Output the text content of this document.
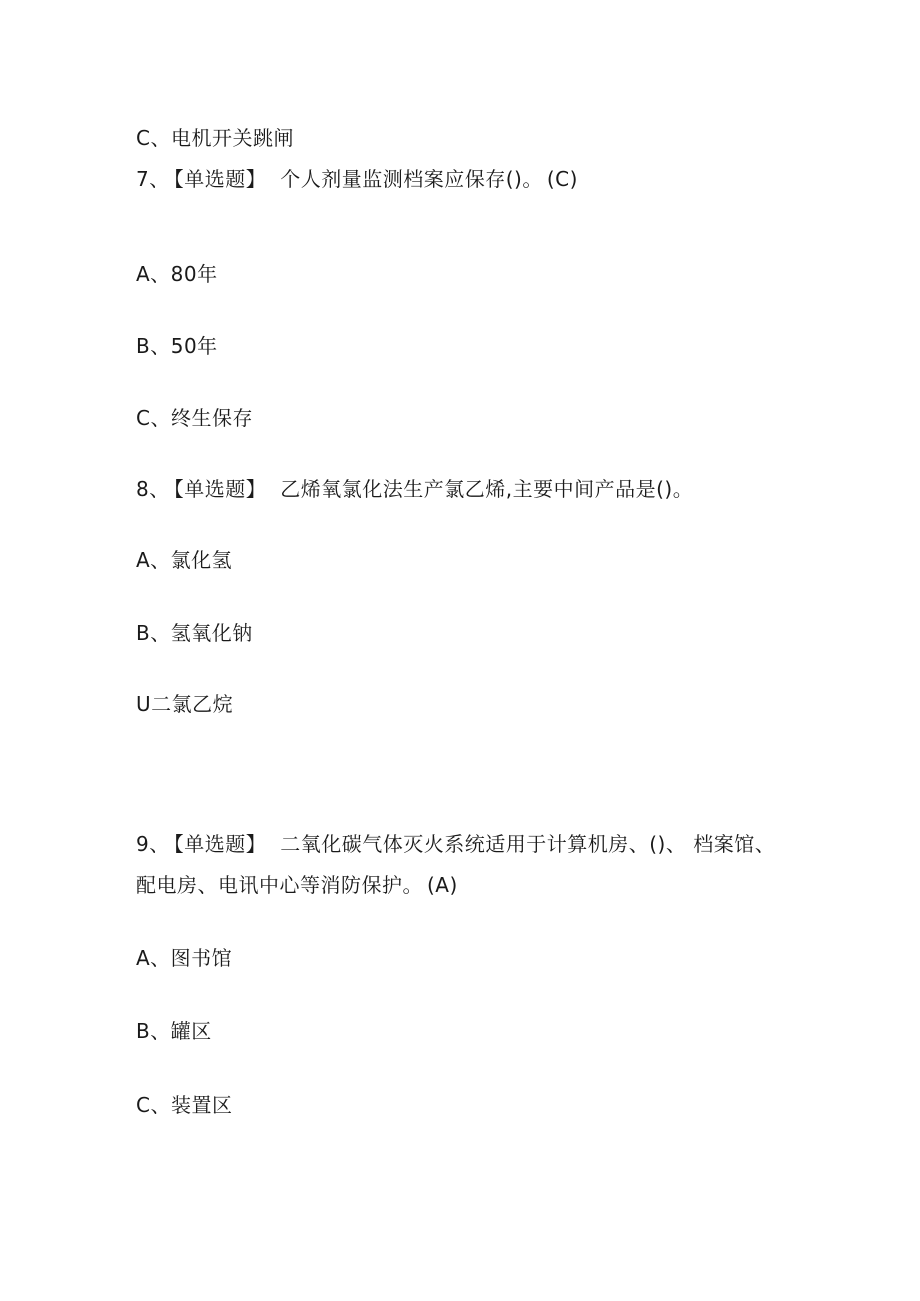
C、电机开关跳闸

7、 【单选题】 个人剂量监测档案应保存()。 (C)

A、80年

B、50年

C、终生保存

8、 【单选题】 乙烯氧氯化法生产氯乙烯,主要中间产品是()。

A、氯化氢

B、氢氧化钠

U二氯乙烷

9、 【单选题】 二氧化碳气体灭火系统适用于计算机房、()、 档案馆、

配电房、电讯中心等消防保护。 (A)

A、图书馆

B、罐区

C、装置区
